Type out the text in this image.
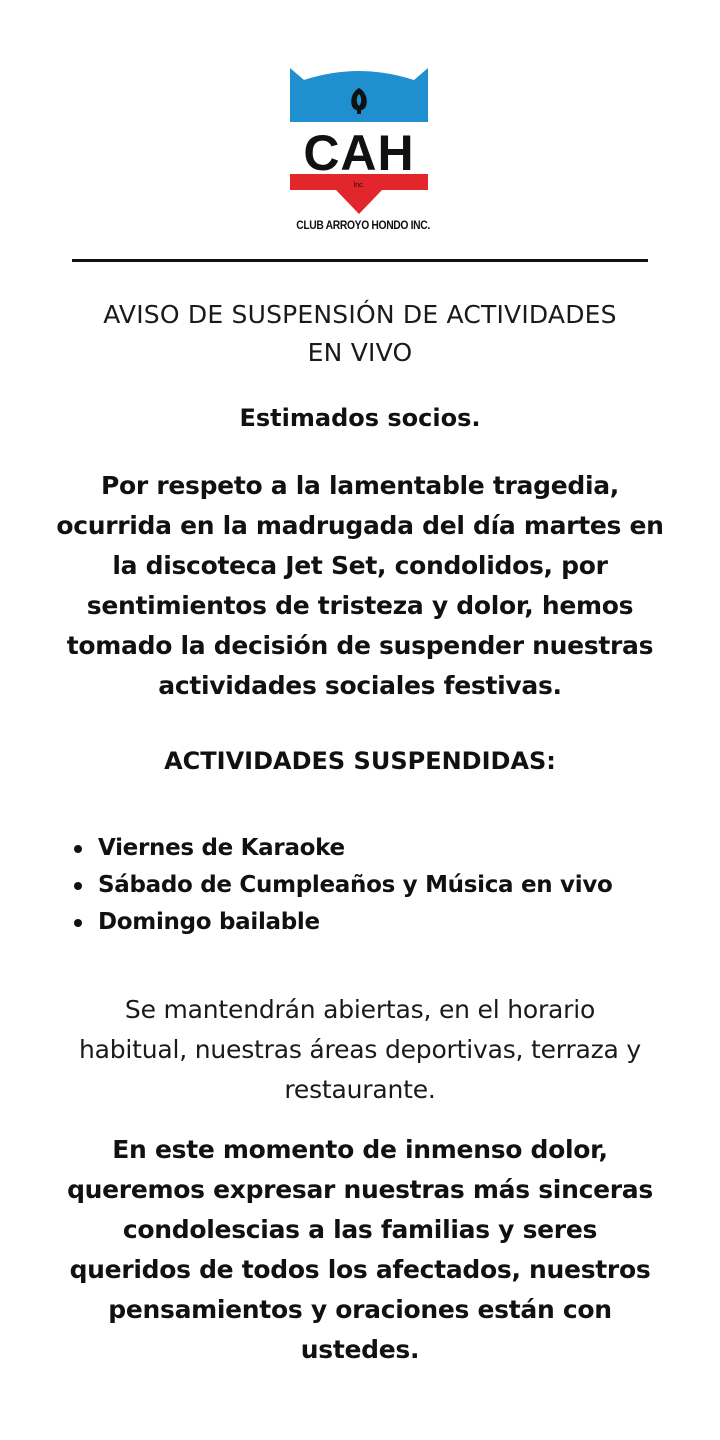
CAH
Inc.
CLUB ARROYO HONDO INC.
AVISO DE SUSPENSIÓN DE ACTIVIDADES EN VIVO

Estimados socios.

Por respeto a la lamentable tragedia, ocurrida en la madrugada del día martes en la discoteca Jet Set, condolidos, por sentimientos de tristeza y dolor, hemos tomado la decisión de suspender nuestras actividades sociales festivas.

ACTIVIDADES SUSPENDIDAS:
Viernes de Karaoke
Sábado de Cumpleaños y Música en vivo
Domingo bailable

Se mantendrán abiertas, en el horario habitual, nuestras áreas deportivas, terraza y restaurante.

En este momento de inmenso dolor, queremos expresar nuestras más sinceras condolescias a las familias y seres queridos de todos los afectados, nuestros pensamientos y oraciones están con ustedes.
